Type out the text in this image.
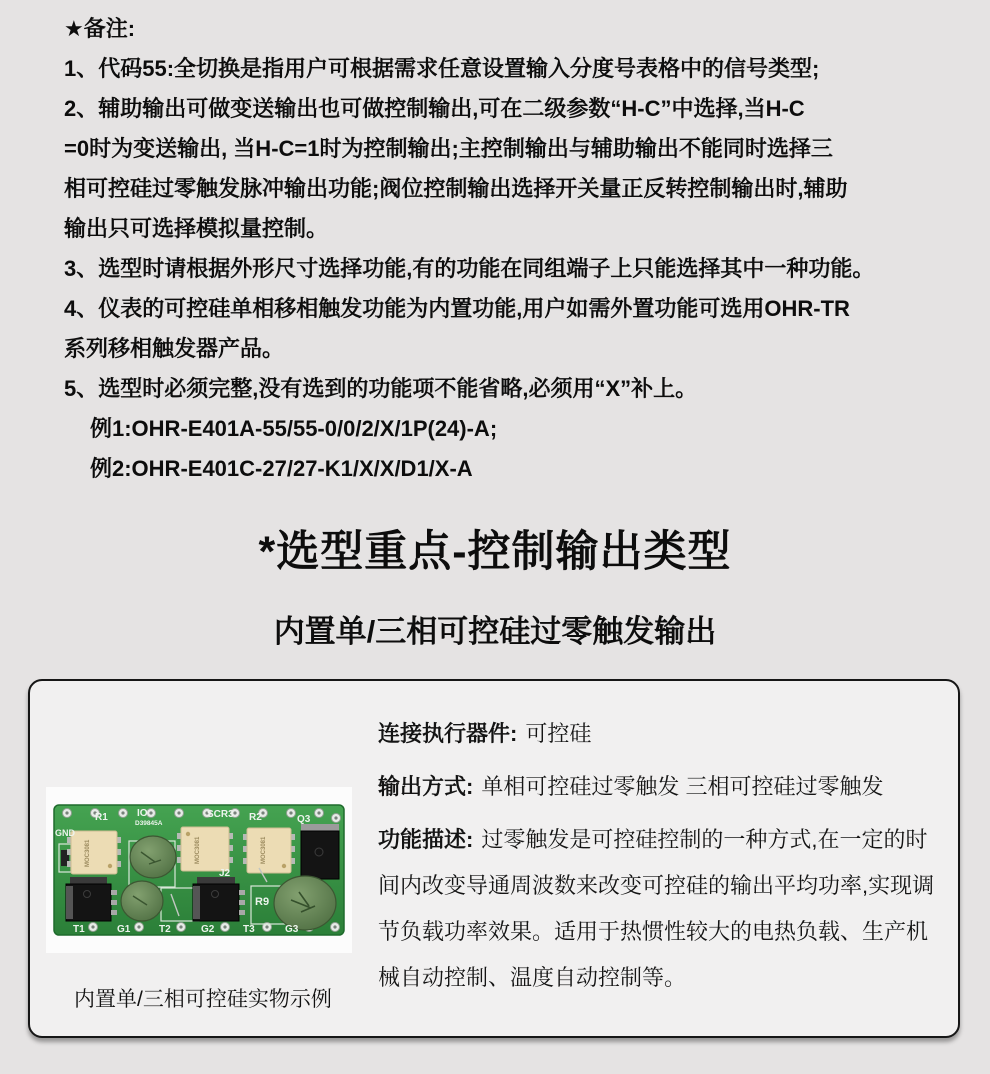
★备注:
1、代码55:全切换是指用户可根据需求任意设置输入分度号表格中的信号类型;
2、辅助输出可做变送输出也可做控制输出,可在二级参数“H-C”中选择,当H-C
=0时为变送输出, 当H-C=1时为控制输出;主控制输出与辅助输出不能同时选择三
相可控硅过零触发脉冲输出功能;阀位控制输出选择开关量正反转控制输出时,辅助
输出只可选择模拟量控制。
3、选型时请根据外形尺寸选择功能,有的功能在同组端子上只能选择其中一种功能。
4、仪表的可控硅单相移相触发功能为内置功能,用户如需外置功能可选用OHR-TR
系列移相触发器产品。
5、选型时必须完整,没有选到的功能项不能省略,必须用“X”补上。
例1:OHR-E401A-55/55-0/0/2/X/1P(24)-A;
例2:OHR-E401C-27/27-K1/X/X/D1/X-A
*选型重点-控制输出类型
内置单/三相可控硅过零触发输出
MOC3081	MOC3081	MOC3081
GND
R1	IO
D39845A
SCR3 R2	Q3
J2
R9
T1	G1	T2	G2	T3	G3
内置单/三相可控硅实物示例

连接执行器件: 可控硅

输出方式: 单相可控硅过零触发 三相可控硅过零触发

功能描述: 过零触发是可控硅控制的一种方式,在一定的时间内改变导通周波数来改变可控硅的输出平均功率,实现调节负载功率效果。适用于热惯性较大的电热负载、生产机械自动控制、温度自动控制等。
